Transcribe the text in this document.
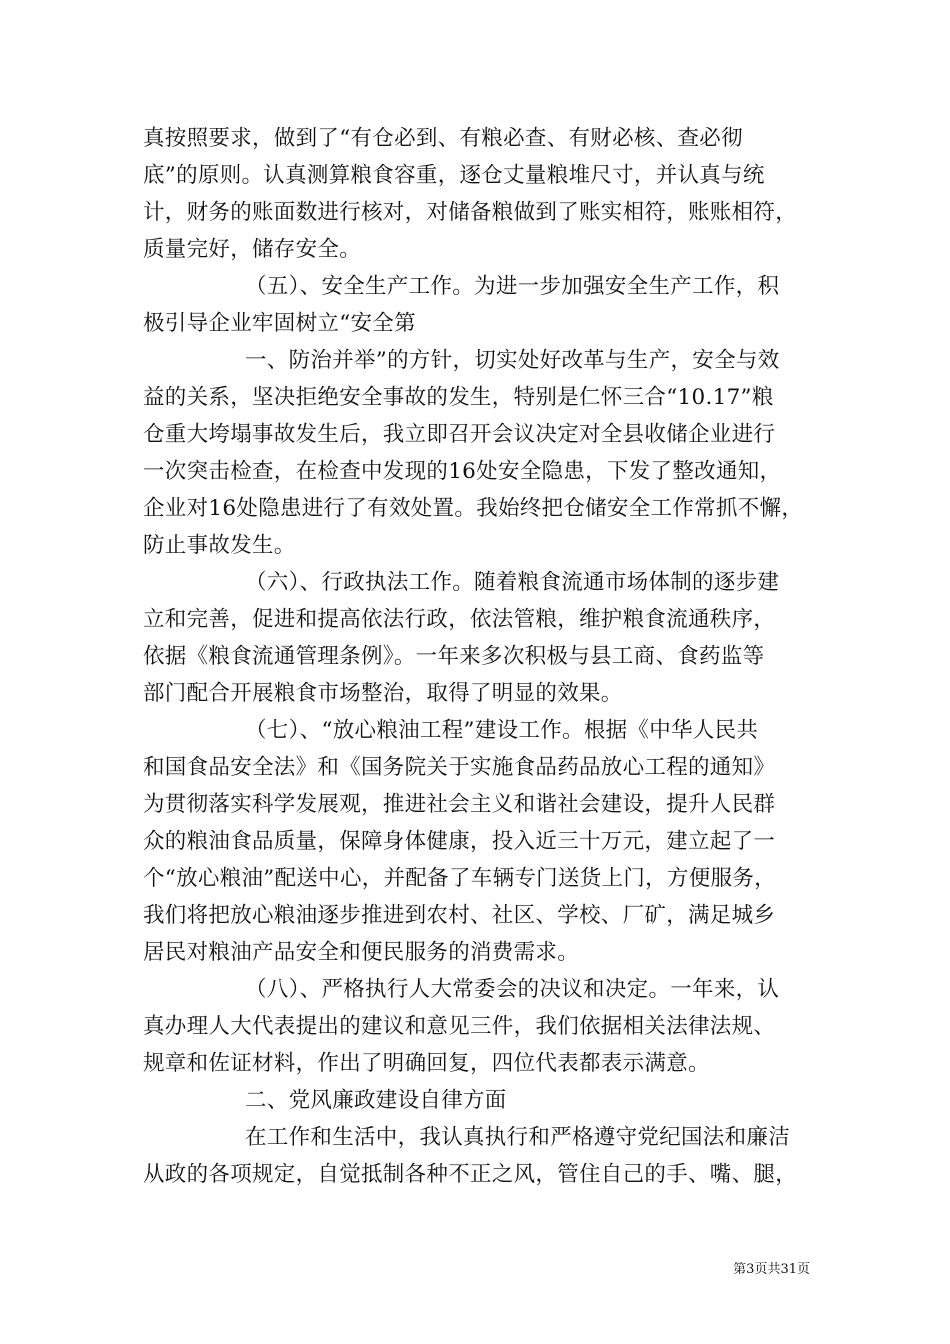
真按照要求，做到了“有仓必到、有粮必查、有财必核、查必彻
底”的原则。认真测算粮食容重，逐仓丈量粮堆尺寸，并认真与统
计，财务的账面数进行核对，对储备粮做到了账实相符，账账相符，
质量完好，储存安全。
（五）、安全生产工作。为进一步加强安全生产工作，积
极引导企业牢固树立“安全第
一、防治并举”的方针，切实处好改革与生产，安全与效
益的关系，坚决拒绝安全事故的发生，特别是仁怀三合“10.17”粮
仓重大垮塌事故发生后，我立即召开会议决定对全县收储企业进行
一次突击检查，在检查中发现的16处安全隐患，下发了整改通知，
企业对16处隐患进行了有效处置。我始终把仓储安全工作常抓不懈，
防止事故发生。
（六）、行政执法工作。随着粮食流通市场体制的逐步建
立和完善，促进和提高依法行政，依法管粮，维护粮食流通秩序，
依据《粮食流通管理条例》。一年来多次积极与县工商、食药监等
部门配合开展粮食市场整治，取得了明显的效果。
（七）、“放心粮油工程”建设工作。根据《中华人民共
和国食品安全法》和《国务院关于实施食品药品放心工程的通知》
为贯彻落实科学发展观，推进社会主义和谐社会建设，提升人民群
众的粮油食品质量，保障身体健康，投入近三十万元，建立起了一
个“放心粮油”配送中心，并配备了车辆专门送货上门，方便服务，
我们将把放心粮油逐步推进到农村、社区、学校、厂矿，满足城乡
居民对粮油产品安全和便民服务的消费需求。
（八）、严格执行人大常委会的决议和决定。一年来，认
真办理人大代表提出的建议和意见三件，我们依据相关法律法规、
规章和佐证材料，作出了明确回复，四位代表都表示满意。
二、党风廉政建设自律方面
在工作和生活中，我认真执行和严格遵守党纪国法和廉洁
从政的各项规定，自觉抵制各种不正之风，管住自己的手、嘴、腿，
第3页共31页
